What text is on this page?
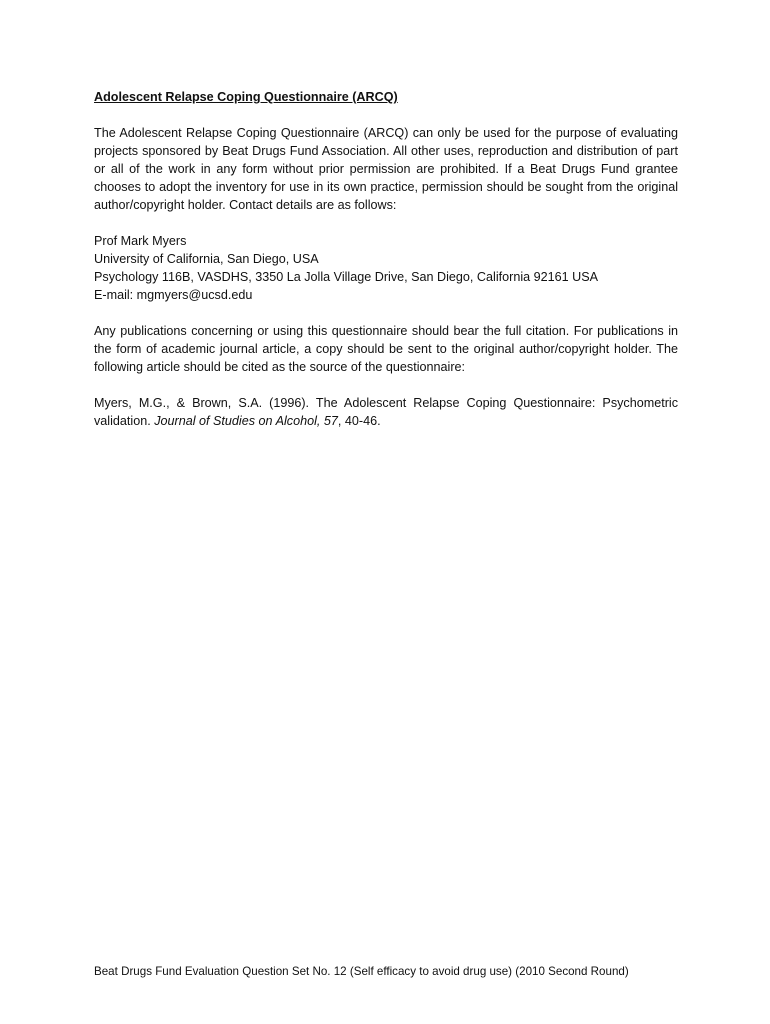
Adolescent Relapse Coping Questionnaire (ARCQ)
The Adolescent Relapse Coping Questionnaire (ARCQ) can only be used for the purpose of evaluating projects sponsored by Beat Drugs Fund Association. All other uses, reproduction and distribution of part or all of the work in any form without prior permission are prohibited. If a Beat Drugs Fund grantee chooses to adopt the inventory for use in its own practice, permission should be sought from the original author/copyright holder. Contact details are as follows:
Prof Mark Myers
University of California, San Diego, USA
Psychology 116B, VASDHS, 3350 La Jolla Village Drive, San Diego, California 92161 USA
E-mail: mgmyers@ucsd.edu
Any publications concerning or using this questionnaire should bear the full citation. For publications in the form of academic journal article, a copy should be sent to the original author/copyright holder. The following article should be cited as the source of the questionnaire:
Myers, M.G., & Brown, S.A. (1996). The Adolescent Relapse Coping Questionnaire: Psychometric validation. Journal of Studies on Alcohol, 57, 40-46.
Beat Drugs Fund Evaluation Question Set No. 12 (Self efficacy to avoid drug use) (2010 Second Round)
